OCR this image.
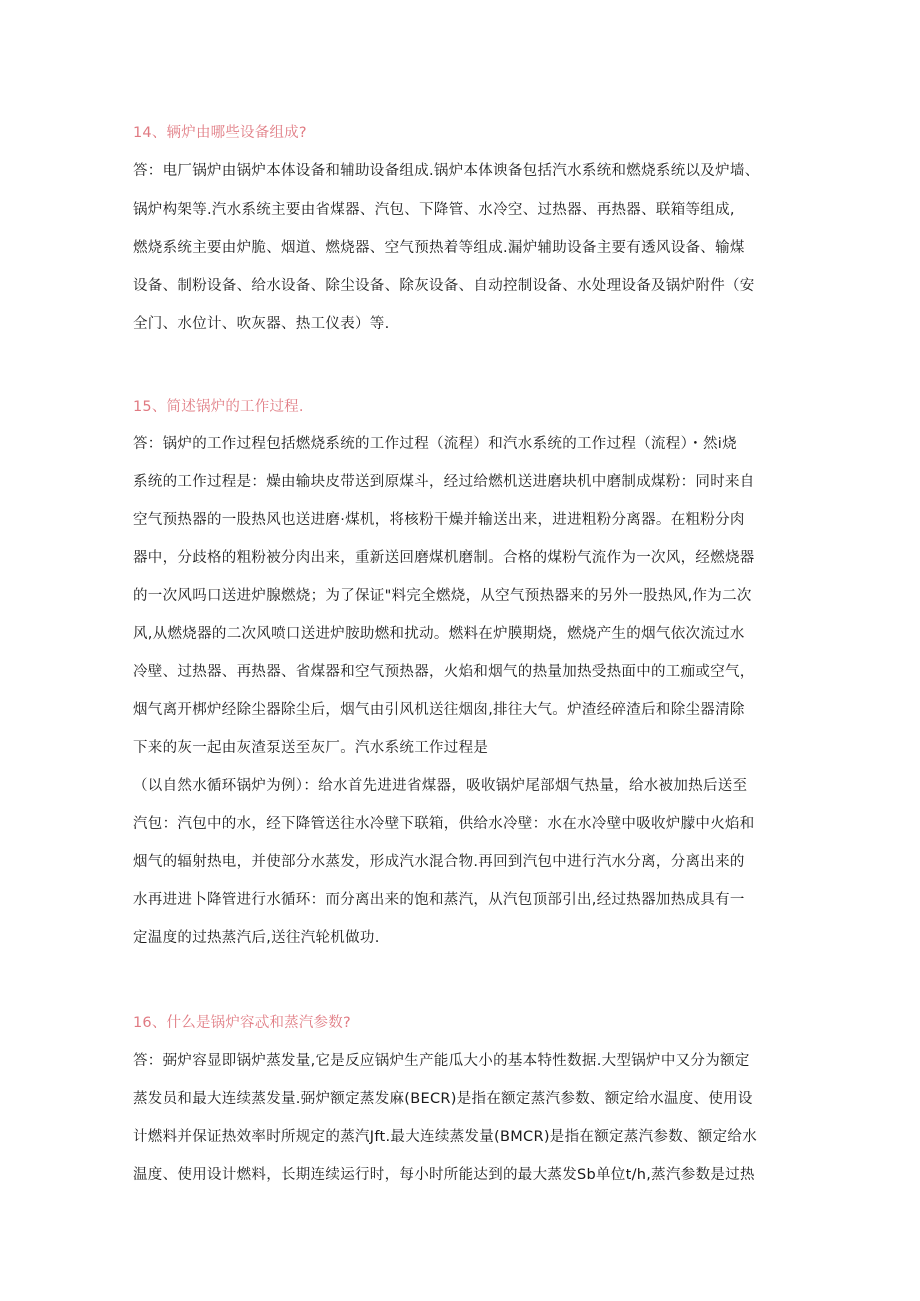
14、辆炉由哪些设备组成?
答：电厂锅炉由锅炉本体设备和辅助设备组成.锅炉本体谀备包括汽水系统和燃烧系统以及炉墙、
锅炉构架等.汽水系统主要由省煤器、汽包、下降管、水冷空、过热器、再热器、联箱等组成,
燃烧系统主要由炉脆、烟道、燃烧器、空气预热着等组成.漏炉辅助设备主要有透风设备、输煤
设备、制粉设备、给水设备、除尘设备、除灰设备、自动控制设备、水处理设备及锅炉附件（安
全门、水位计、吹灰器、热工仪表）等.
15、简述锅炉的工作过程.
答：锅炉的工作过程包括燃烧系统的工作过程（流程）和汽水系统的工作过程（流程）・然i烧
系统的工作过程是：燥由输块皮带送到原煤斗，经过给燃机送进磨块机中磨制成煤粉：同时来自
空气预热器的一股热风也送进磨·煤机，将核粉干燥并输送出来，进进粗粉分离器。在粗粉分肉
器中，分歧格的粗粉被分肉出来，重新送回磨煤机磨制。合格的煤粉气流作为一次风，经燃烧器
的一次风吗口送进炉腺燃烧；为了保证"料完全燃烧，从空气预热器来的另外一股热风,作为二次
风,从燃烧器的二次风喷口送进炉胺助燃和扰动。燃料在炉膜期烧，燃烧产生的烟气依次流过水
冷壁、过热器、再热器、省煤器和空气预热器，火焰和烟气的热量加热受热面中的工痂或空气，
烟气离开梆炉经除尘器除尘后，烟气由引风机送往烟囱,排往大气。炉渣经碎渣后和除尘器清除
下来的灰一起由灰渣泵送至灰厂。汽水系统工作过程是
（以自然水循环锅炉为例）：给水首先进进省煤器，吸收锅炉尾部烟气热量，给水被加热后送至
汽包：汽包中的水，经下降管送往水冷壁下联箱，供给水冷壁：水在水冷壁中吸收炉朦中火焰和
烟气的辐射热电，并使部分水蒸发，形成汽水混合物.再回到汽包中进行汽水分离，分离出来的
水再进进卜降管进行水循环：而分离出来的饱和蒸汽，从汽包顶部引出,经过热器加热成具有一
定温度的过热蒸汽后,送往汽轮机做功.
16、什么是锅炉容忒和蒸汽参数?
答：弼炉容显即锅炉蒸发量,它是反应锅炉生产能瓜大小的基本特性数据.大型锅炉中又分为额定
蒸发员和最大连续蒸发量.弼炉额定蒸发麻(BECR)是指在额定蒸汽参数、额定给水温度、使用设
计燃料并保证热效率时所规定的蒸汽Jft.最大连续蒸发量(BMCR)是指在额定蒸汽参数、额定给水
温度、使用设计燃料，长期连续运行时，每小时所能达到的最大蒸发Sb单位t∕h,蒸汽参数是过热
